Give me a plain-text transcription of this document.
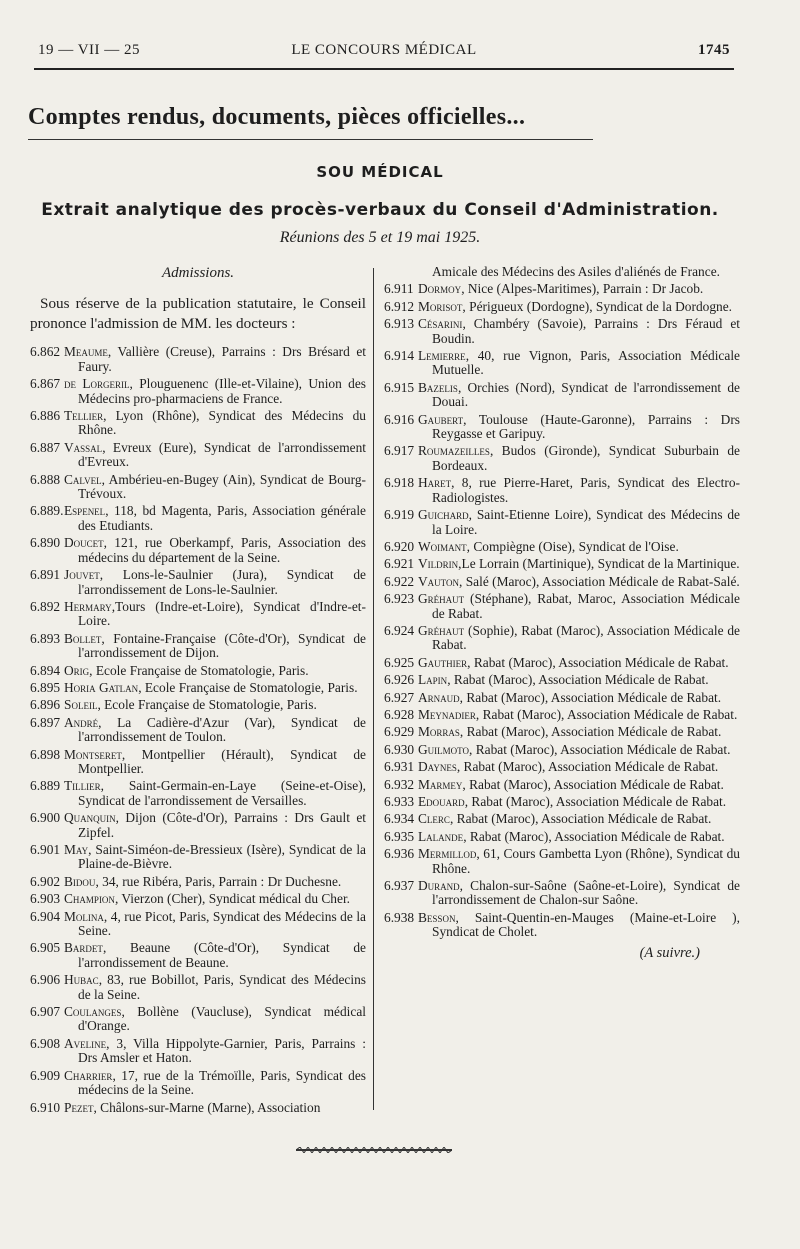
19 — VII — 25	LE CONCOURS MÉDICAL	1745
Comptes rendus, documents, pièces officielles...
SOU MÉDICAL
Extrait analytique des procès-verbaux du Conseil d'Administration.
Réunions des 5 et 19 mai 1925.
Admissions.
Sous réserve de la publication statutaire, le Conseil prononce l'admission de MM. les docteurs :
6.862 Meaume, Vallière (Creuse), Parrains : Drs Brésard et Faury.
6.867 de Lorgeril, Plouguenenc (Ille-et-Vilaine), Union des Médecins pro-pharmaciens de France.
6.886 Tellier, Lyon (Rhône), Syndicat des Médecins du Rhône.
6.887 Vassal, Evreux (Eure), Syndicat de l'arrondissement d'Evreux.
6.888 Calvel, Ambérieu-en-Bugey (Ain), Syndicat de Bourg-Trévoux.
6.889.Espenel, 118, bd Magenta, Paris, Association générale des Etudiants.
6.890 Doucet, 121, rue Oberkampf, Paris, Association des médecins du département de la Seine.
6.891 Jouvet, Lons-le-Saulnier (Jura), Syndicat de l'arrondissement de Lons-le-Saulnier.
6.892 Hermary,Tours (Indre-et-Loire), Syndicat d'Indre-et-Loire.
6.893 Bollet, Fontaine-Française (Côte-d'Or), Syndicat de l'arrondissement de Dijon.
6.894 Orig, Ecole Française de Stomatologie, Paris.
6.895 Horia Gatlan, Ecole Française de Stomatologie, Paris.
6.896 Soleil, Ecole Française de Stomatologie, Paris.
6.897 André, La Cadière-d'Azur (Var), Syndicat de l'arrondissement de Toulon.
6.898 Montseret, Montpellier (Hérault), Syndicat de Montpellier.
6.889 Tillier, Saint-Germain-en-Laye (Seine-et-Oise), Syndicat de l'arrondissement de Versailles.
6.900 Quanquin, Dijon (Côte-d'Or), Parrains : Drs Gault et Zipfel.
6.901 May, Saint-Siméon-de-Bressieux (Isère), Syndicat de la Plaine-de-Bièvre.
6.902 Bidou, 34, rue Ribéra, Paris, Parrain : Dr Duchesne.
6.903 Champion, Vierzon (Cher), Syndicat médical du Cher.
6.904 Molina, 4, rue Picot, Paris, Syndicat des Médecins de la Seine.
6.905 Bardet, Beaune (Côte-d'Or), Syndicat de l'arrondissement de Beaune.
6.906 Hubac, 83, rue Bobillot, Paris, Syndicat des Médecins de la Seine.
6.907 Coulanges, Bollène (Vaucluse), Syndicat médical d'Orange.
6.908 Aveline, 3, Villa Hippolyte-Garnier, Paris, Parrains : Drs Amsler et Haton.
6.909 Charrier, 17, rue de la Trémoïlle, Paris, Syndicat des médecins de la Seine.
6.910 Pezet, Châlons-sur-Marne (Marne), Association
Amicale des Médecins des Asiles d'aliénés de France.
6.911 Dormoy, Nice (Alpes-Maritimes), Parrain : Dr Jacob.
6.912 Morisot, Périgueux (Dordogne), Syndicat de la Dordogne.
6.913 Césarini, Chambéry (Savoie), Parrains : Drs Féraud et Boudin.
6.914 Lemierre, 40, rue Vignon, Paris, Association Médicale Mutuelle.
6.915 Bazelis, Orchies (Nord), Syndicat de l'arrondissement de Douai.
6.916 Gaubert, Toulouse (Haute-Garonne), Parrains : Drs Reygasse et Garipuy.
6.917 Roumazeilles, Budos (Gironde), Syndicat Suburbain de Bordeaux.
6.918 Haret, 8, rue Pierre-Haret, Paris, Syndicat des Electro-Radiologistes.
6.919 Guichard, Saint-Etienne Loire), Syndicat des Médecins de la Loire.
6.920 Woimant, Compiègne (Oise), Syndicat de l'Oise.
6.921 Vildrin,Le Lorrain (Martinique), Syndicat de la Martinique.
6.922 Vauton, Salé (Maroc), Association Médicale de Rabat-Salé.
6.923 Gréhaut (Stéphane), Rabat, Maroc, Association Médicale de Rabat.
6.924 Gréhaut (Sophie), Rabat (Maroc), Association Médicale de Rabat.
6.925 Gauthier, Rabat (Maroc), Association Médicale de Rabat.
6.926 Lapin, Rabat (Maroc), Association Médicale de Rabat.
6.927 Arnaud, Rabat (Maroc), Association Médicale de Rabat.
6.928 Meynadier, Rabat (Maroc), Association Médicale de Rabat.
6.929 Morras, Rabat (Maroc), Association Médicale de Rabat.
6.930 Guilmoto, Rabat (Maroc), Association Médicale de Rabat.
6.931 Daynes, Rabat (Maroc), Association Médicale de Rabat.
6.932 Marmey, Rabat (Maroc), Association Médicale de Rabat.
6.933 Edouard, Rabat (Maroc), Association Médicale de Rabat.
6.934 Clerc, Rabat (Maroc), Association Médicale de Rabat.
6.935 Lalande, Rabat (Maroc), Association Médicale de Rabat.
6.936 Mermillod, 61, Cours Gambetta Lyon (Rhône), Syndicat du Rhône.
6.937 Durand, Chalon-sur-Saône (Saône-et-Loire), Syndicat de l'arrondissement de Chalon-sur Saône.
6.938 Besson, Saint-Quentin-en-Mauges (Maine-et-Loire ), Syndicat de Cholet.
(A suivre.)
